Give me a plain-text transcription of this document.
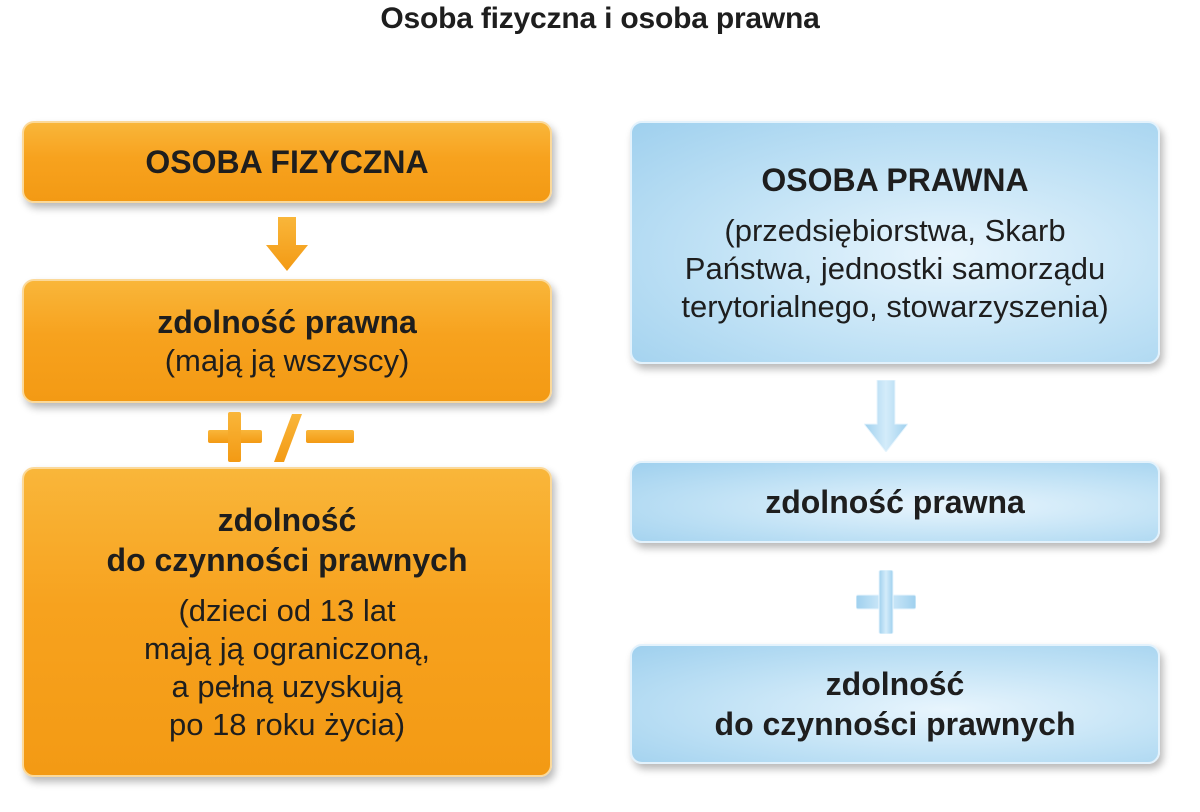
Osoba fizyczna i osoba prawna
OSOBA FIZYCZNA
zdolność prawna
(mają ją wszyscy)
zdolność
do czynności prawnych
(dzieci od 13 lat
mają ją ograniczoną,
a pełną uzyskują
po 18 roku życia)
OSOBA PRAWNA
(przedsiębiorstwa, Skarb
Państwa, jednostki samorządu
terytorialnego, stowarzyszenia)
zdolność prawna
zdolność
do czynności prawnych
